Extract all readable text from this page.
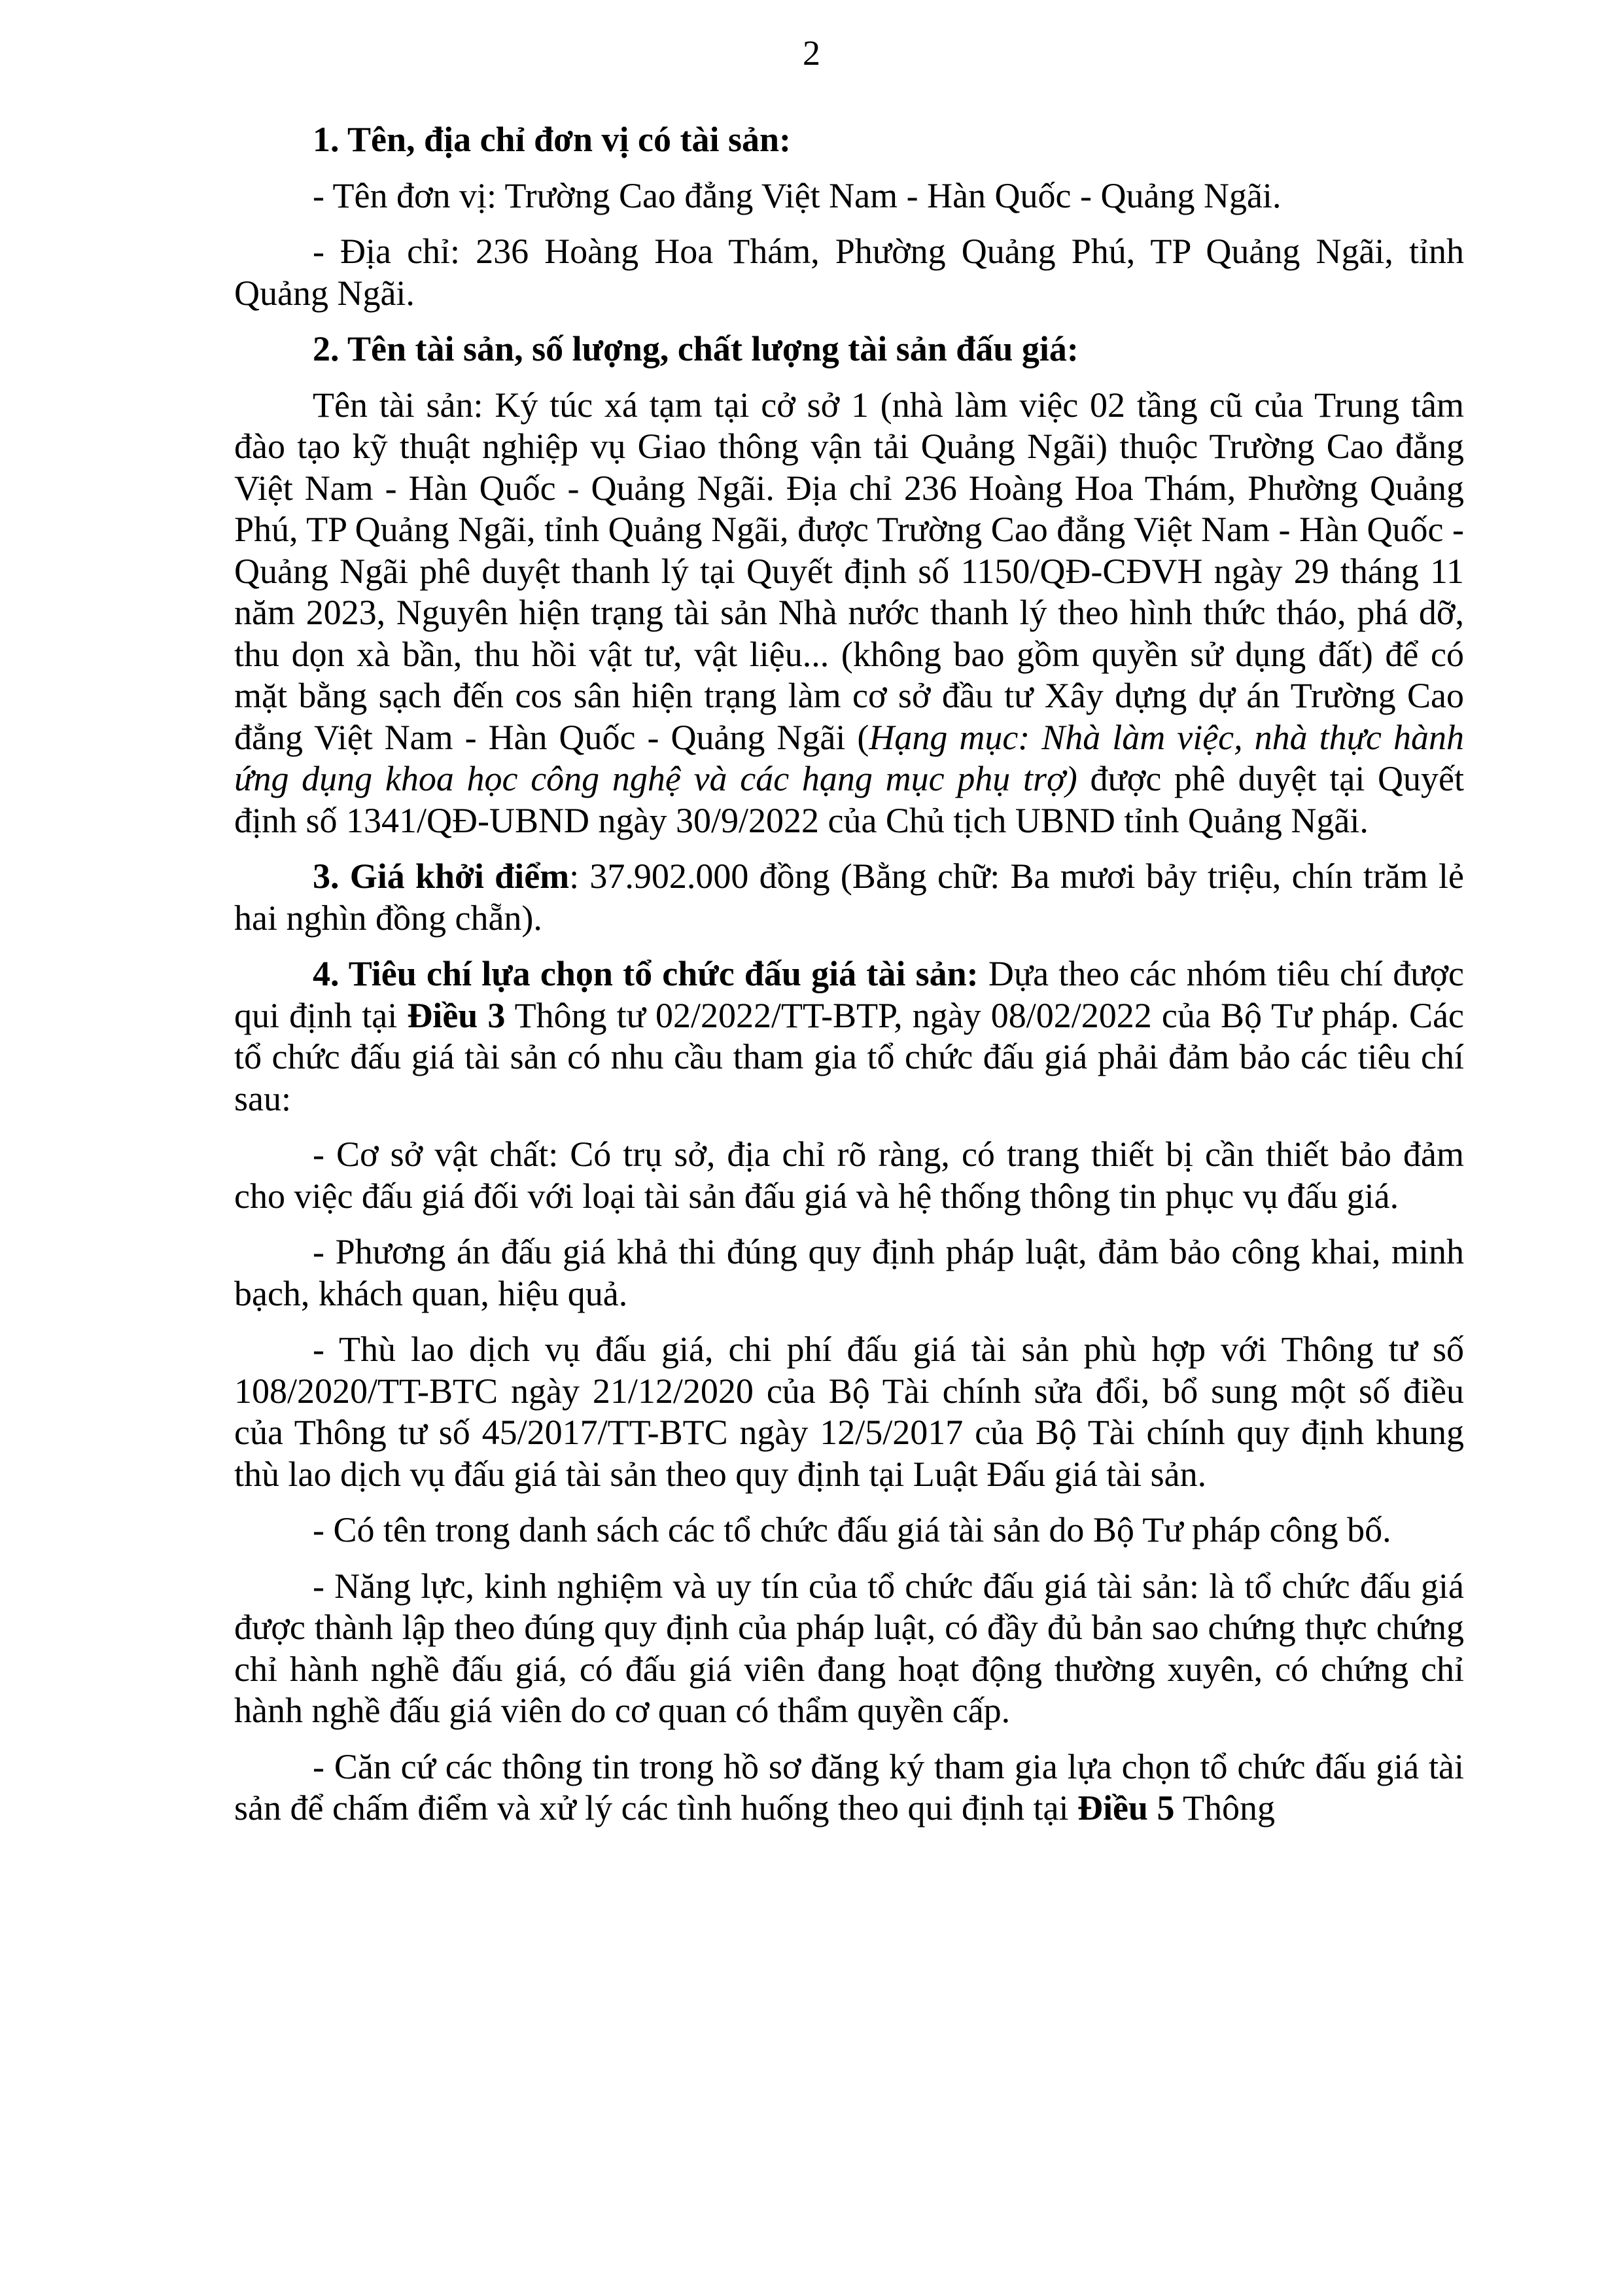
2

1. Tên, địa chỉ đơn vị có tài sản:

- Tên đơn vị: Trường Cao đẳng Việt Nam - Hàn Quốc - Quảng Ngãi.

- Địa chỉ: 236 Hoàng Hoa Thám, Phường Quảng Phú, TP Quảng Ngãi, tỉnh Quảng Ngãi.

2. Tên tài sản, số lượng, chất lượng tài sản đấu giá:

Tên tài sản: Ký túc xá tạm tại cở sở 1 (nhà làm việc 02 tầng cũ của Trung tâm đào tạo kỹ thuật nghiệp vụ Giao thông vận tải Quảng Ngãi) thuộc Trường Cao đẳng Việt Nam - Hàn Quốc - Quảng Ngãi. Địa chỉ 236 Hoàng Hoa Thám, Phường Quảng Phú, TP Quảng Ngãi, tỉnh Quảng Ngãi, được Trường Cao đẳng Việt Nam - Hàn Quốc - Quảng Ngãi phê duyệt thanh lý tại Quyết định số 1150/QĐ-CĐVH ngày 29 tháng 11 năm 2023, Nguyên hiện trạng tài sản Nhà nước thanh lý theo hình thức tháo, phá dỡ, thu dọn xà bần, thu hồi vật tư, vật liệu... (không bao gồm quyền sử dụng đất) để có mặt bằng sạch đến cos sân hiện trạng làm cơ sở đầu tư Xây dựng dự án Trường Cao đẳng Việt Nam - Hàn Quốc - Quảng Ngãi (Hạng mục: Nhà làm việc, nhà thực hành ứng dụng khoa học công nghệ và các hạng mục phụ trợ) được phê duyệt tại Quyết định số 1341/QĐ-UBND ngày 30/9/2022 của Chủ tịch UBND tỉnh Quảng Ngãi.

3. Giá khởi điểm: 37.902.000 đồng (Bằng chữ: Ba mươi bảy triệu, chín trăm lẻ hai nghìn đồng chẵn).

4. Tiêu chí lựa chọn tổ chức đấu giá tài sản: Dựa theo các nhóm tiêu chí được qui định tại Điều 3 Thông tư 02/2022/TT-BTP, ngày 08/02/2022 của Bộ Tư pháp. Các tổ chức đấu giá tài sản có nhu cầu tham gia tổ chức đấu giá phải đảm bảo các tiêu chí sau:

- Cơ sở vật chất: Có trụ sở, địa chỉ rõ ràng, có trang thiết bị cần thiết bảo đảm cho việc đấu giá đối với loại tài sản đấu giá và hệ thống thông tin phục vụ đấu giá.

- Phương án đấu giá khả thi đúng quy định pháp luật, đảm bảo công khai, minh bạch, khách quan, hiệu quả.

- Thù lao dịch vụ đấu giá, chi phí đấu giá tài sản phù hợp với Thông tư số 108/2020/TT-BTC ngày 21/12/2020 của Bộ Tài chính sửa đổi, bổ sung một số điều của Thông tư số 45/2017/TT-BTC ngày 12/5/2017 của Bộ Tài chính quy định khung thù lao dịch vụ đấu giá tài sản theo quy định tại Luật Đấu giá tài sản.

- Có tên trong danh sách các tổ chức đấu giá tài sản do Bộ Tư pháp công bố.

- Năng lực, kinh nghiệm và uy tín của tổ chức đấu giá tài sản: là tổ chức đấu giá được thành lập theo đúng quy định của pháp luật, có đầy đủ bản sao chứng thực chứng chỉ hành nghề đấu giá, có đấu giá viên đang hoạt động thường xuyên, có chứng chỉ hành nghề đấu giá viên do cơ quan có thẩm quyền cấp.

- Căn cứ các thông tin trong hồ sơ đăng ký tham gia lựa chọn tổ chức đấu giá tài sản để chấm điểm và xử lý các tình huống theo qui định tại Điều 5 Thông
